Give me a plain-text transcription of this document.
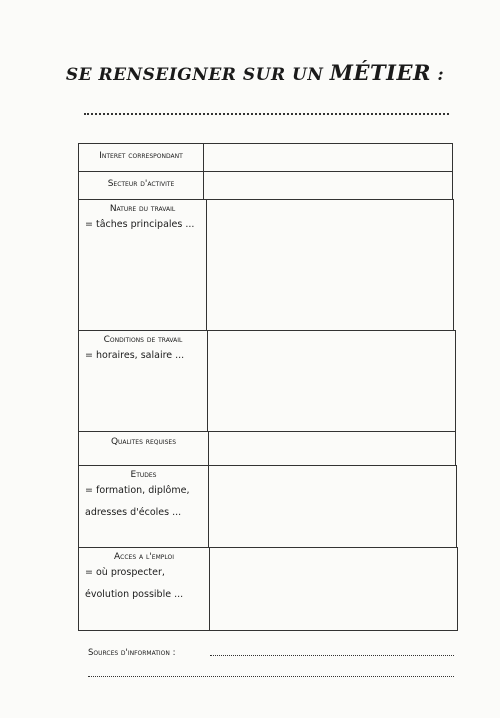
SE RENSEIGNER SUR UN MÉTIER :
Interet correspondant
Secteur d'activite
Nature du travail
= tâches principales ...
Conditions de travail
= horaires, salaire ...
Qualites requises
Etudes
= formation, diplôme,
adresses d'écoles ...
Acces a l'emploi
= où prospecter,
évolution possible ...
Sources d'information :
